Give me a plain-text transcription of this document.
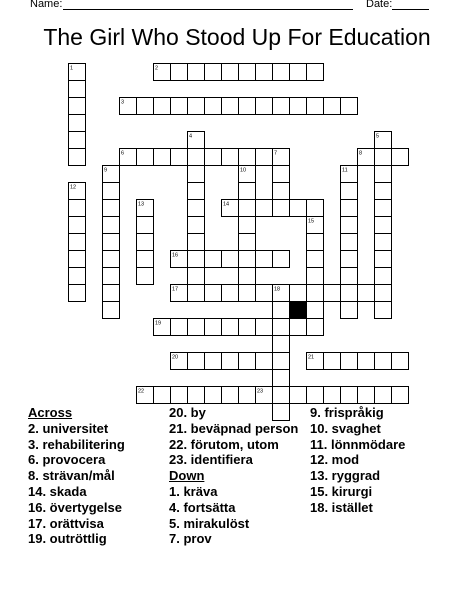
Name:	Date:
The Girl Who Stood Up For Education
1	2
3
4	5
6	7	8
9	10	11
12
13	14
15
16
17	18
19
20	21
22	23
Across
2. universitet
3. rehabilitering
6. provocera
8. strävan/mål
14. skada
16. övertygelse
17. orättvisa
19. outröttlig
20. by
21. beväpnad person
22. förutom, utom
23. identifiera
Down
1. kräva
4. fortsätta
5. mirakulöst
7. prov
9. frispråkig
10. svaghet
11. lönnmödare
12. mod
13. ryggrad
15. kirurgi
18. istället
